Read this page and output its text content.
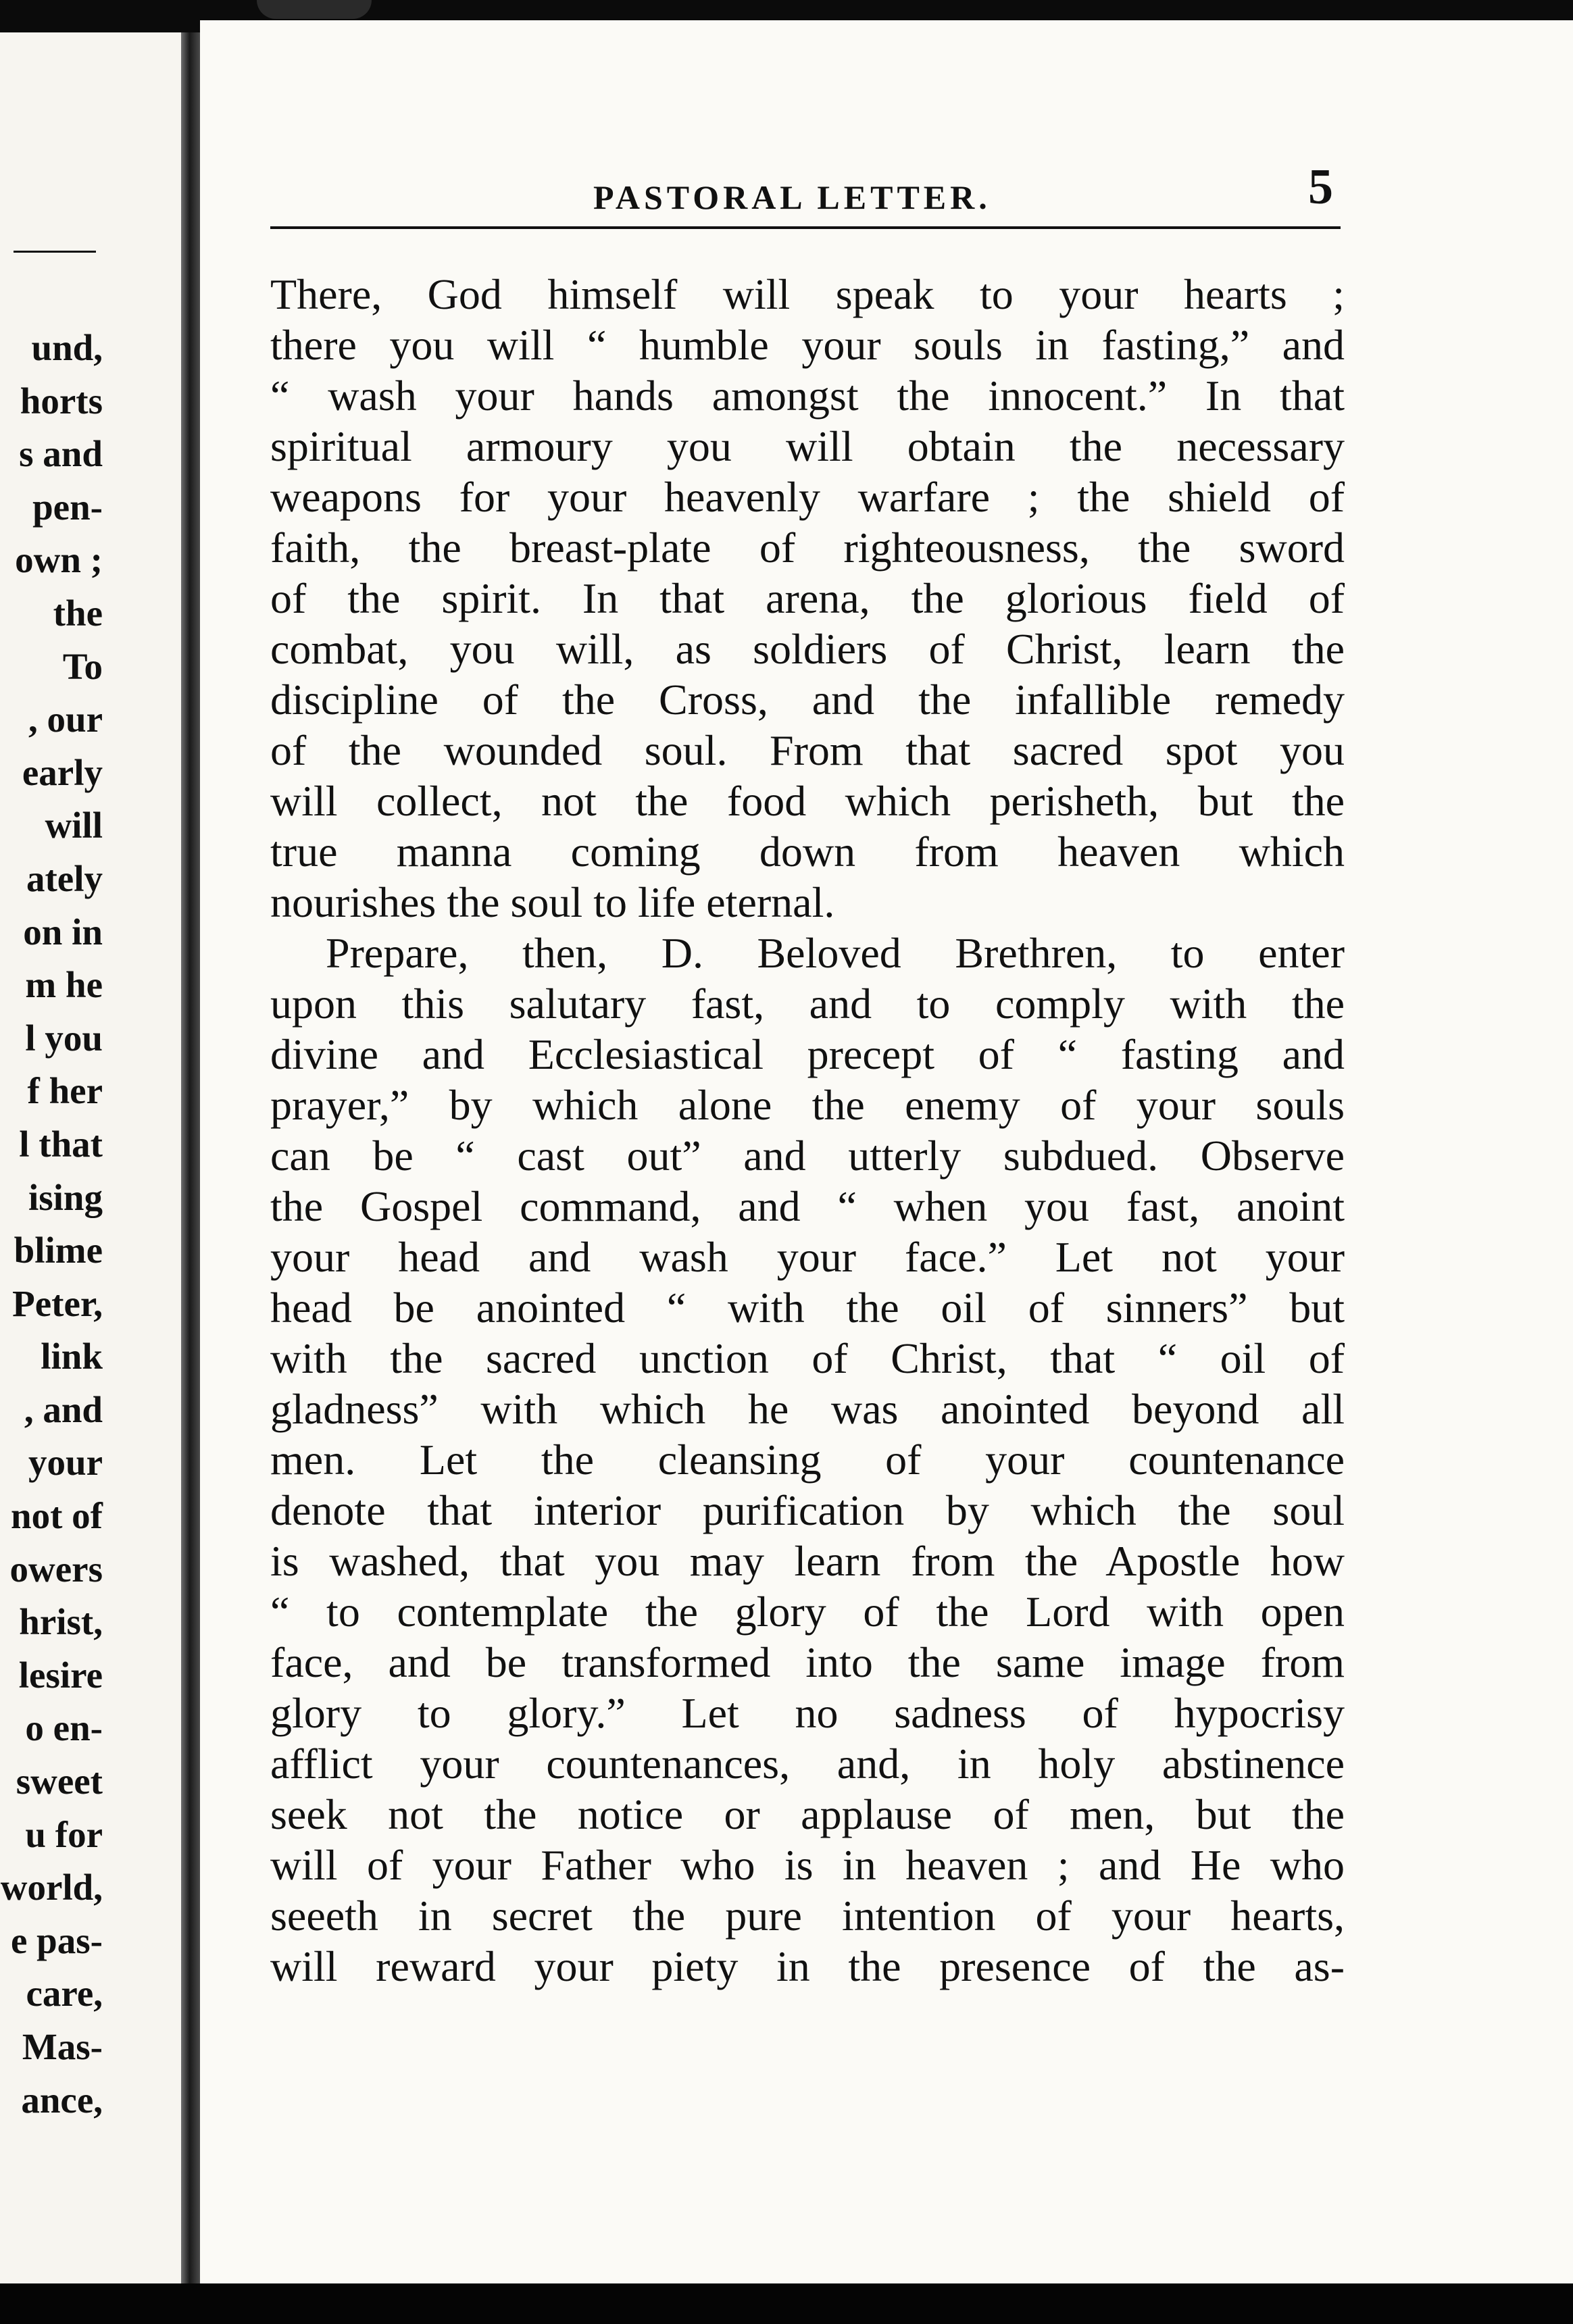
und,
horts
s and
pen-
own ;
the
To
, our
early
will
ately
on in
m he
l you
f her
l that
ising
blime
Peter,
link
, and
your
not of
owers
hrist,
lesire
o en-
sweet
u for
world,
e pas-
care,
Mas-
ance,
PASTORAL LETTER.	5
There, God himself will speak to your hearts ;
there you will “ humble your souls in fasting,” and
“ wash your hands amongst the innocent.” In that
spiritual armoury you will obtain the necessary
weapons for your heavenly warfare ; the shield of
faith, the breast-plate of righteousness, the sword
of the spirit. In that arena, the glorious field of
combat, you will, as soldiers of Christ, learn the
discipline of the Cross, and the infallible remedy
of the wounded soul. From that sacred spot you
will collect, not the food which perisheth, but the
true manna coming down from heaven which
nourishes the soul to life eternal.
Prepare, then, D. Beloved Brethren, to enter
upon this salutary fast, and to comply with the
divine and Ecclesiastical precept of “ fasting and
prayer,” by which alone the enemy of your souls
can be “ cast out” and utterly subdued. Observe
the Gospel command, and “ when you fast, anoint
your head and wash your face.” Let not your
head be anointed “ with the oil of sinners” but
with the sacred unction of Christ, that “ oil of
gladness” with which he was anointed beyond all
men. Let the cleansing of your countenance
denote that interior purification by which the soul
is washed, that you may learn from the Apostle how
“ to contemplate the glory of the Lord with open
face, and be transformed into the same image from
glory to glory.” Let no sadness of hypocrisy
afflict your countenances, and, in holy abstinence
seek not the notice or applause of men, but the
will of your Father who is in heaven ; and He who
seeeth in secret the pure intention of your hearts,
will reward your piety in the presence of the as-
